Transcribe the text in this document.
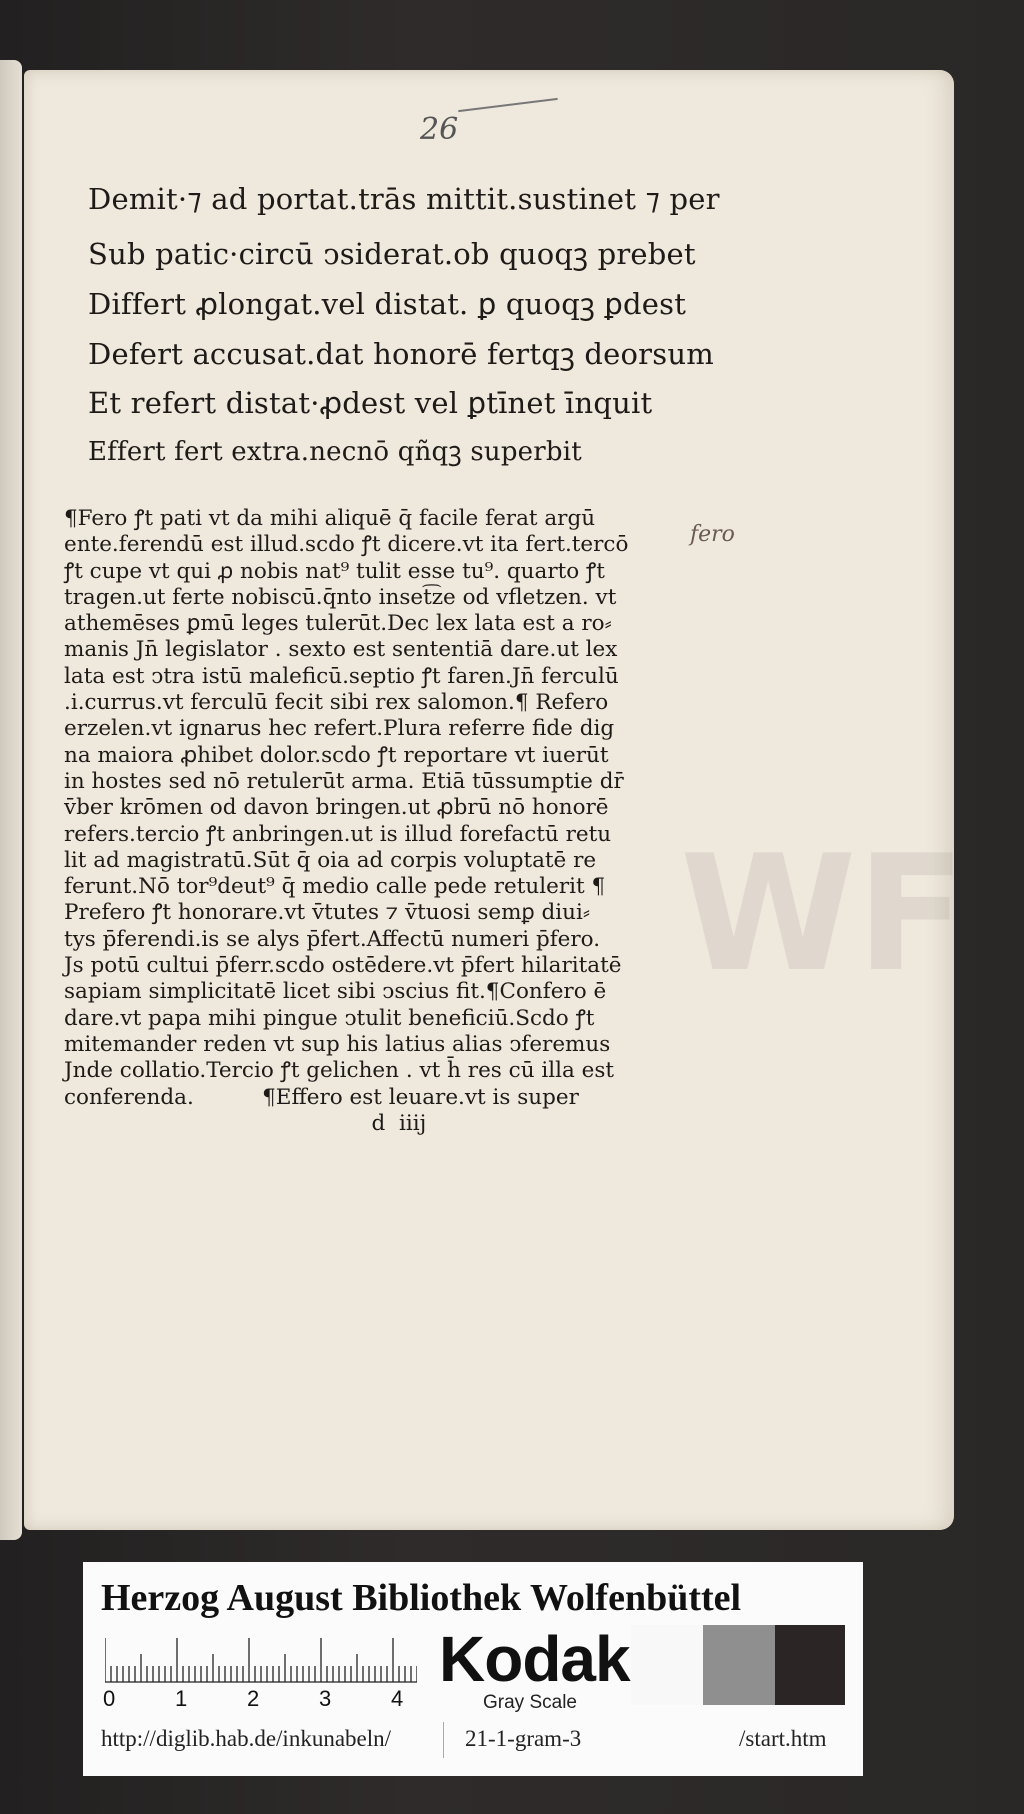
26
Demit·⁊ ad portat.trās mittit.sustinet ⁊ per
Sub patic·circū ↄsiderat.ob quoqꝫ prebet
Differt ꝓlongat.vel distat. ꝑ quoqꝫ ꝑdest
Defert accusat.dat honorē fertqꝫ deorsum
Et refert distat·ꝓdest vel ꝑtīnet īnquit
Effert fert extra.necnō qñqꝫ superbit
¶Fero ꝭt pati vt da mihi aliquē q̄ facile ferat argū
ente.ferendū est illud.scdo ꝭt dicere.vt ita fert.tercō
ꝭt cupe vt qui ꝓ nobis nat⁹ tulit esse tu⁹. quarto ꝭt
tragen.ut ferte nobiscū.q̄nto inset͡ze od vfletzen. vt
athemēses ꝑmū leges tulerūt.Dec lex lata est a ro⸗
manis Jn̄ legislator . sexto est sententiā dare.ut lex
lata est ↄtra istū maleficū.septio ꝭt faren.Jn̄ ferculū
.i.currus.vt ferculū fecit sibi rex salomon.¶ Refero
erzelen.vt ignarus hec refert.Plura referre fide dig
na maiora ꝓhibet dolor.scdo ꝭt reportare vt iuerūt
in hostes sed nō retulerūt arma. Etiā tūssumptie dr̄
v̄ber krōmen od davon bringen.ut ꝓbrū nō honorē
refers.tercio ꝭt anbringen.ut is illud forefactū retu
lit ad magistratū.Sūt q̄ oia ad corpis voluptatē re
ferunt.Nō tor⁹deut⁹ q̄ medio calle pede retulerit ¶
Prefero ꝭt honorare.vt v̄tutes ⁊ v̄tuosi semꝑ diui⸗
tys p̄ferendi.is se alys p̄fert.Affectū numeri p̄fero.
Js potū cultui p̄ferr.scdo ostēdere.vt p̄fert hilaritatē
sapiam simplicitatē licet sibi ↄscius fit.¶Confero ē
dare.vt papa mihi pingue ↄtulit beneficiū.Scdo ꝭt
mitemander reden vt sup his latius alias ↄferemus
Jnde collatio.Tercio ꝭt gelichen . vt h̄ res cū illa est
conferenda.          ¶Effero est leuare.vt is super
d  iiij
fero
WF
Herzog August Bibliothek Wolfenbüttel
0	1	2	3	4
Kodak
Gray Scale
http://diglib.hab.de/inkunabeln/	21-1-gram-3	/start.htm
